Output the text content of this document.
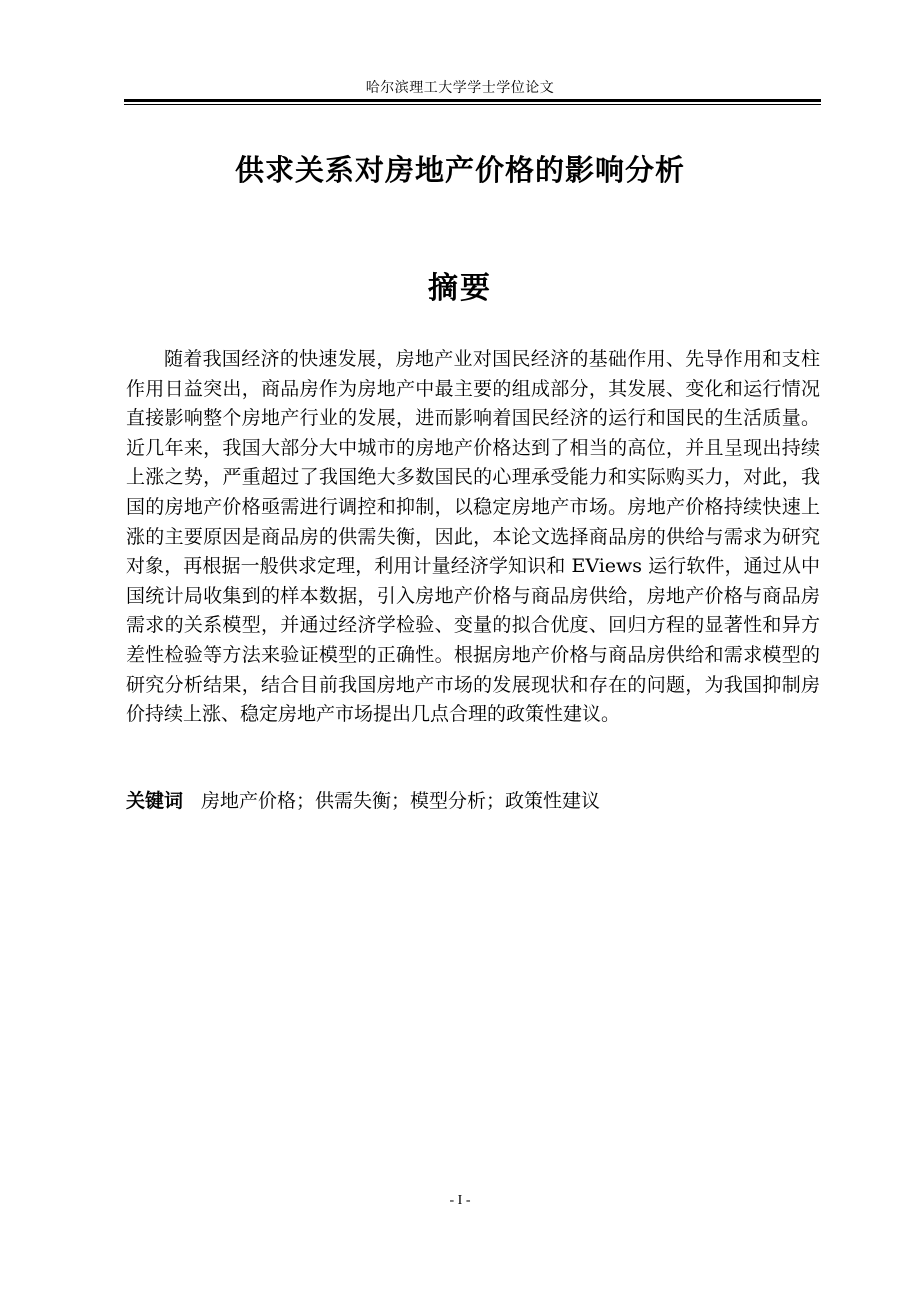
哈尔滨理工大学学士学位论文
供求关系对房地产价格的影响分析
摘要

随着我国经济的快速发展，房地产业对国民经济的基础作用、先导作用和支柱作用日益突出，商品房作为房地产中最主要的组成部分，其发展、变化和运行情况直接影响整个房地产行业的发展，进而影响着国民经济的运行和国民的生活质量。近几年来，我国大部分大中城市的房地产价格达到了相当的高位，并且呈现出持续上涨之势，严重超过了我国绝大多数国民的心理承受能力和实际购买力，对此，我国的房地产价格亟需进行调控和抑制，以稳定房地产市场。房地产价格持续快速上涨的主要原因是商品房的供需失衡，因此，本论文选择商品房的供给与需求为研究对象，再根据一般供求定理，利用计量经济学知识和 EViews 运行软件，通过从中国统计局收集到的样本数据，引入房地产价格与商品房供给，房地产价格与商品房需求的关系模型，并通过经济学检验、变量的拟合优度、回归方程的显著性和异方差性检验等方法来验证模型的正确性。根据房地产价格与商品房供给和需求模型的研究分析结果，结合目前我国房地产市场的发展现状和存在的问题，为我国抑制房价持续上涨、稳定房地产市场提出几点合理的政策性建议。

关键词 房地产价格；供需失衡；模型分析；政策性建议

- I -
